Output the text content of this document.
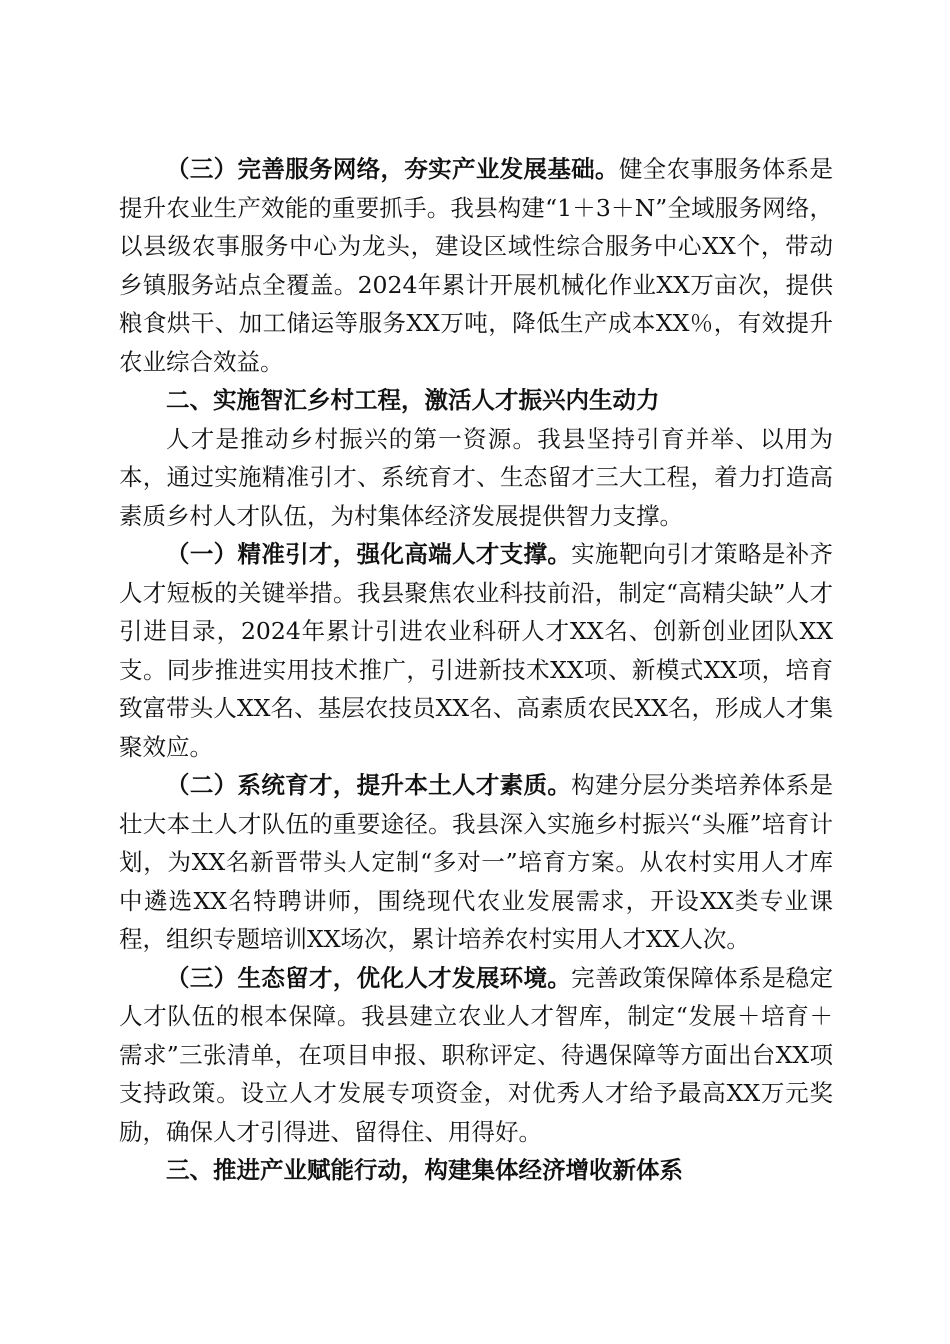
（三）完善服务网络，夯实产业发展基础。健全农事服务体系是提升农业生产效能的重要抓手。我县构建“1＋3＋N”全域服务网络，以县级农事服务中心为龙头，建设区域性综合服务中心XX个，带动乡镇服务站点全覆盖。2024年累计开展机械化作业XX万亩次，提供粮食烘干、加工储运等服务XX万吨，降低生产成本XX％，有效提升农业综合效益。

二、实施智汇乡村工程，激活人才振兴内生动力

人才是推动乡村振兴的第一资源。我县坚持引育并举、以用为本，通过实施精准引才、系统育才、生态留才三大工程，着力打造高素质乡村人才队伍，为村集体经济发展提供智力支撑。

（一）精准引才，强化高端人才支撑。实施靶向引才策略是补齐人才短板的关键举措。我县聚焦农业科技前沿，制定“高精尖缺”人才引进目录，2024年累计引进农业科研人才XX名、创新创业团队XX支。同步推进实用技术推广，引进新技术XX项、新模式XX项，培育致富带头人XX名、基层农技员XX名、高素质农民XX名，形成人才集聚效应。

（二）系统育才，提升本土人才素质。构建分层分类培养体系是壮大本土人才队伍的重要途径。我县深入实施乡村振兴“头雁”培育计划，为XX名新晋带头人定制“多对一”培育方案。从农村实用人才库中遴选XX名特聘讲师，围绕现代农业发展需求，开设XX类专业课程，组织专题培训XX场次，累计培养农村实用人才XX人次。

（三）生态留才，优化人才发展环境。完善政策保障体系是稳定人才队伍的根本保障。我县建立农业人才智库，制定“发展＋培育＋需求”三张清单，在项目申报、职称评定、待遇保障等方面出台XX项支持政策。设立人才发展专项资金，对优秀人才给予最高XX万元奖励，确保人才引得进、留得住、用得好。

三、推进产业赋能行动，构建集体经济增收新体系
